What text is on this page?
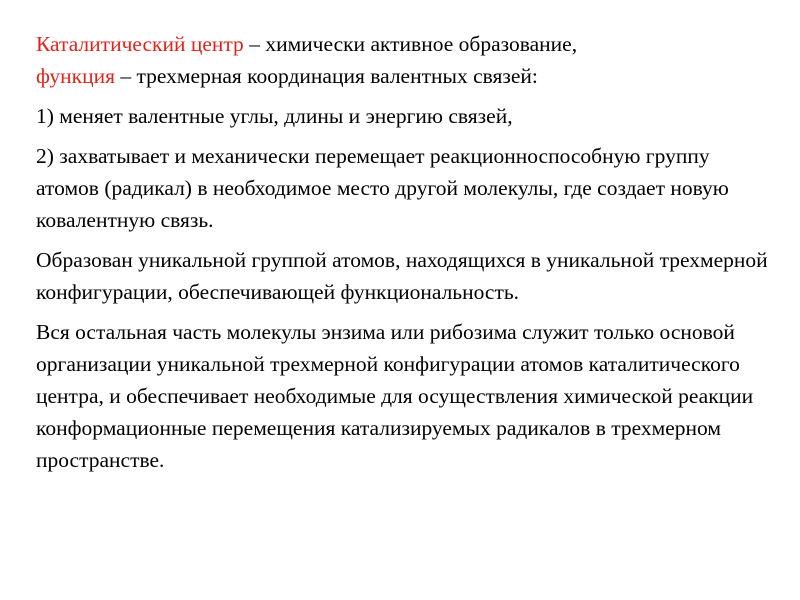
Каталитический центр – химически активное образование,
функция – трехмерная координация валентных связей:

1) меняет валентные углы, длины и энергию связей,

2) захватывает и механически перемещает реакционноспособную группу атомов (радикал) в необходимое место другой молекулы, где создает новую ковалентную связь.

Образован уникальной группой атомов, находящихся в уникальной трехмерной конфигурации, обеспечивающей функциональность.

Вся остальная часть молекулы энзима или рибозима служит только основой организации уникальной трехмерной конфигурации атомов каталитического центра, и обеспечивает необходимые для осуществления химической реакции конформационные перемещения катализируемых радикалов в трехмерном пространстве.
